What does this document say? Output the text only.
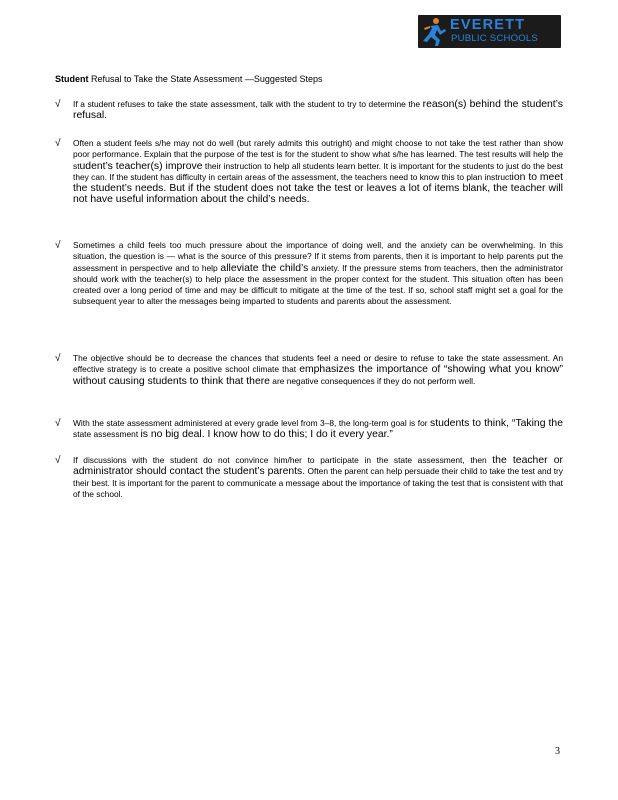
EVERETT
PUBLIC SCHOOLS
Student Refusal to Take the State Assessment —Suggested Steps
√ If a student refuses to take the state assessment, talk with the student to try to determine the reason(s) behind the student’s refusal.
√ Often a student feels s/he may not do well (but rarely admits this outright) and might choose to not take the test rather than show poor performance. Explain that the purpose of the test is for the student to show what s/he has learned. The test results will help the student’s teacher(s) improve their instruction to help all students learn better. It is important for the students to just do the best they can. If the student has difficulty in certain areas of the assessment, the teachers need to know this to plan instruction to meet the student’s needs. But if the student does not take the test or leaves a lot of items blank, the teacher will not have useful information about the child’s needs.
√ Sometimes a child feels too much pressure about the importance of doing well, and the anxiety can be overwhelming. In this situation, the question is — what is the source of this pressure? If it stems from parents, then it is important to help parents put the assessment in perspective and to help alleviate the child’s anxiety. If the pressure stems from teachers, then the administrator should work with the teacher(s) to help place the assessment in the proper context for the student. This situation often has been created over a long period of time and may be difficult to mitigate at the time of the test. If so, school staff might set a goal for the subsequent year to alter the messages being imparted to students and parents about the assessment.
√ The objective should be to decrease the chances that students feel a need or desire to refuse to take the state assessment. An effective strategy is to create a positive school climate that emphasizes the importance of “showing what you know” without causing students to think that there are negative consequences if they do not perform well.
√ With the state assessment administered at every grade level from 3–8, the long-term goal is for students to think, “Taking the state assessment is no big deal. I know how to do this; I do it every year.”
√ If discussions with the student do not convince him/her to participate in the state assessment, then the teacher or administrator should contact the student’s parents. Often the parent can help persuade their child to take the test and try their best. It is important for the parent to communicate a message about the importance of taking the test that is consistent with that of the school.
3
